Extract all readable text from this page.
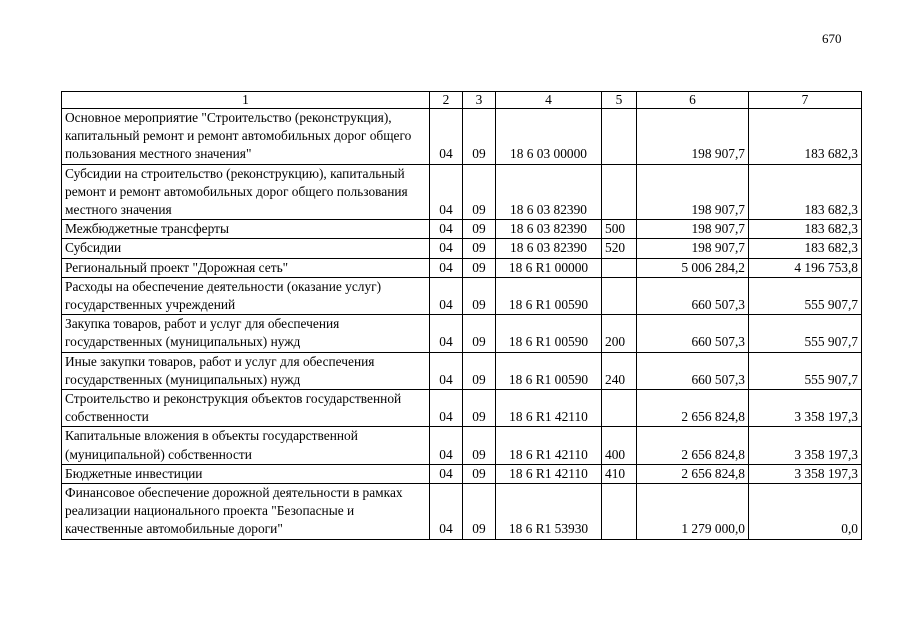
670
1	2	3	4	5	6	7
Основное мероприятие "Строительство (реконструкция), капитальный ремонт и ремонт автомобильных дорог общего пользования местного значения"	04	09	18 6 03 00000		198 907,7	183 682,3
Субсидии на строительство (реконструкцию), капитальный ремонт и ремонт автомобильных дорог общего пользования местного значения	04	09	18 6 03 82390		198 907,7	183 682,3
Межбюджетные трансферты	04	09	18 6 03 82390	500	198 907,7	183 682,3
Субсидии	04	09	18 6 03 82390	520	198 907,7	183 682,3
Региональный проект "Дорожная сеть"	04	09	18 6 R1 00000		5 006 284,2	4 196 753,8
Расходы на обеспечение деятельности (оказание услуг) государственных учреждений	04	09	18 6 R1 00590		660 507,3	555 907,7
Закупка товаров, работ и услуг для обеспечения государственных (муниципальных) нужд	04	09	18 6 R1 00590	200	660 507,3	555 907,7
Иные закупки товаров, работ и услуг для обеспечения государственных (муниципальных) нужд	04	09	18 6 R1 00590	240	660 507,3	555 907,7
Строительство и реконструкция объектов государственной собственности	04	09	18 6 R1 42110		2 656 824,8	3 358 197,3
Капитальные вложения в объекты государственной (муниципальной) собственности	04	09	18 6 R1 42110	400	2 656 824,8	3 358 197,3
Бюджетные инвестиции	04	09	18 6 R1 42110	410	2 656 824,8	3 358 197,3
Финансовое обеспечение дорожной деятельности в рамках реализации национального проекта "Безопасные и качественные автомобильные дороги"	04	09	18 6 R1 53930		1 279 000,0	0,0
